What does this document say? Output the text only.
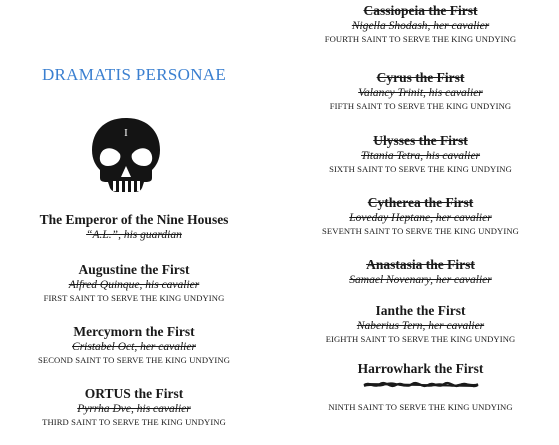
DRAMATIS PERSONAE
I
The Emperor of the Nine Houses
“A.L.”, his guardian
Augustine the First
Alfred Quinque, his cavalier
FIRST SAINT TO SERVE THE KING UNDYING
Mercymorn the First
Cristabel Oct, her cavalier
SECOND SAINT TO SERVE THE KING UNDYING
ORTUS the First
Pyrrha Dve, his cavalier
THIRD SAINT TO SERVE THE KING UNDYING
Cassiopeia the First
Nigella Shodash, her cavalier
FOURTH SAINT TO SERVE THE KING UNDYING
Cyrus the First
Valancy Trinit, his cavalier
FIFTH SAINT TO SERVE THE KING UNDYING
Ulysses the First
Titania Tetra, his cavalier
SIXTH SAINT TO SERVE THE KING UNDYING
Cytherea the First
Loveday Heptane, her cavalier
SEVENTH SAINT TO SERVE THE KING UNDYING
Anastasia the First
Samael Novenary, her cavalier
Ianthe the First
Naberius Tern, her cavalier
EIGHTH SAINT TO SERVE THE KING UNDYING
Harrowhark the First
NINTH SAINT TO SERVE THE KING UNDYING
